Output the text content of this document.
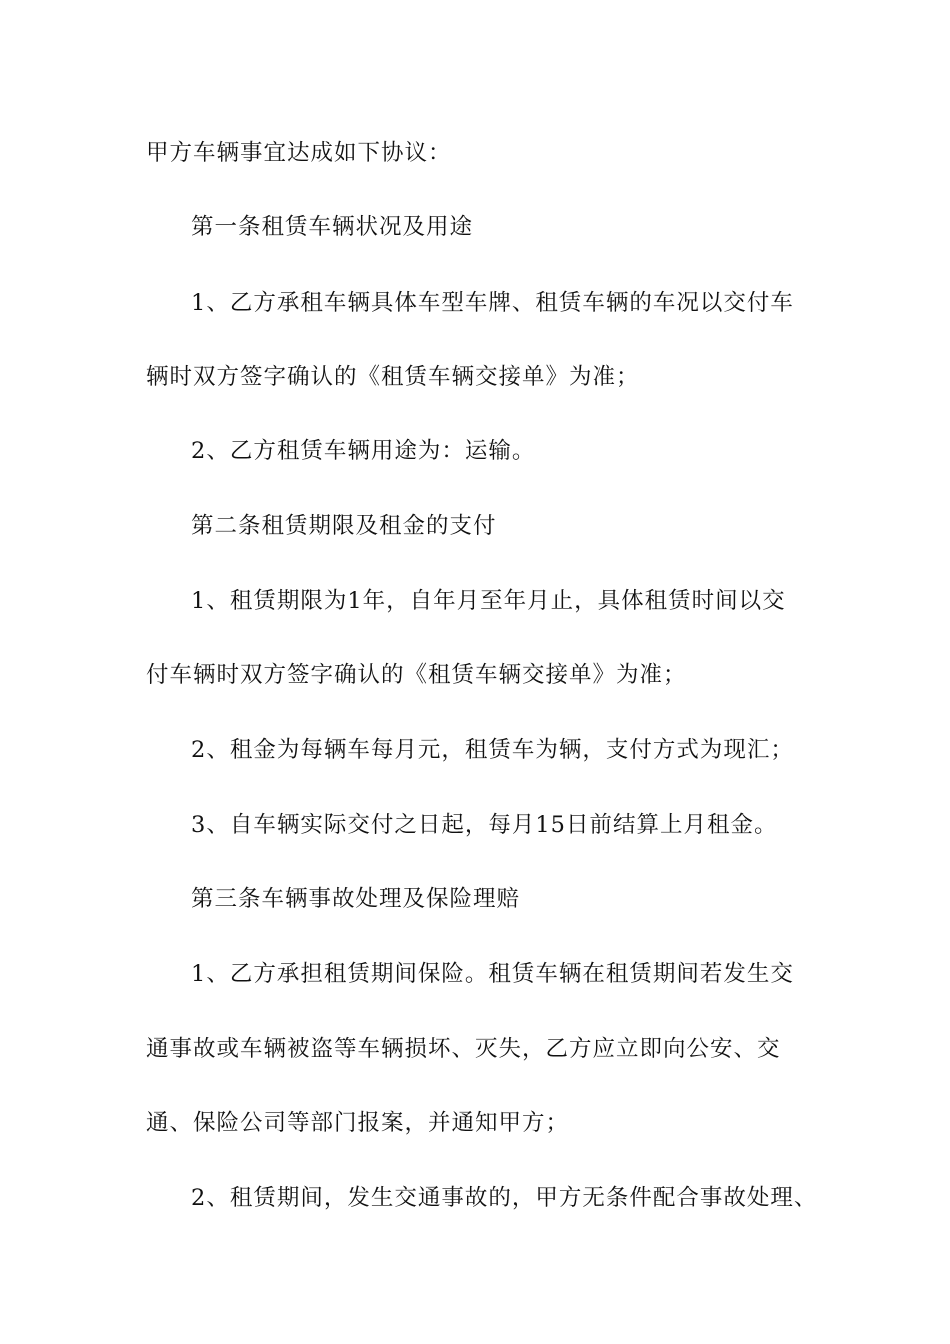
甲方车辆事宜达成如下协议：
第一条租赁车辆状况及用途
1、乙方承租车辆具体车型车牌、租赁车辆的车况以交付车
辆时双方签字确认的《租赁车辆交接单》为准；
2、乙方租赁车辆用途为：运输。
第二条租赁期限及租金的支付
1、租赁期限为1年，自年月至年月止，具体租赁时间以交
付车辆时双方签字确认的《租赁车辆交接单》为准；
2、租金为每辆车每月元，租赁车为辆，支付方式为现汇；
3、自车辆实际交付之日起，每月15日前结算上月租金。
第三条车辆事故处理及保险理赔
1、乙方承担租赁期间保险。租赁车辆在租赁期间若发生交
通事故或车辆被盗等车辆损坏、灭失，乙方应立即向公安、交
通、保险公司等部门报案，并通知甲方；
2、租赁期间，发生交通事故的，甲方无条件配合事故处理、
